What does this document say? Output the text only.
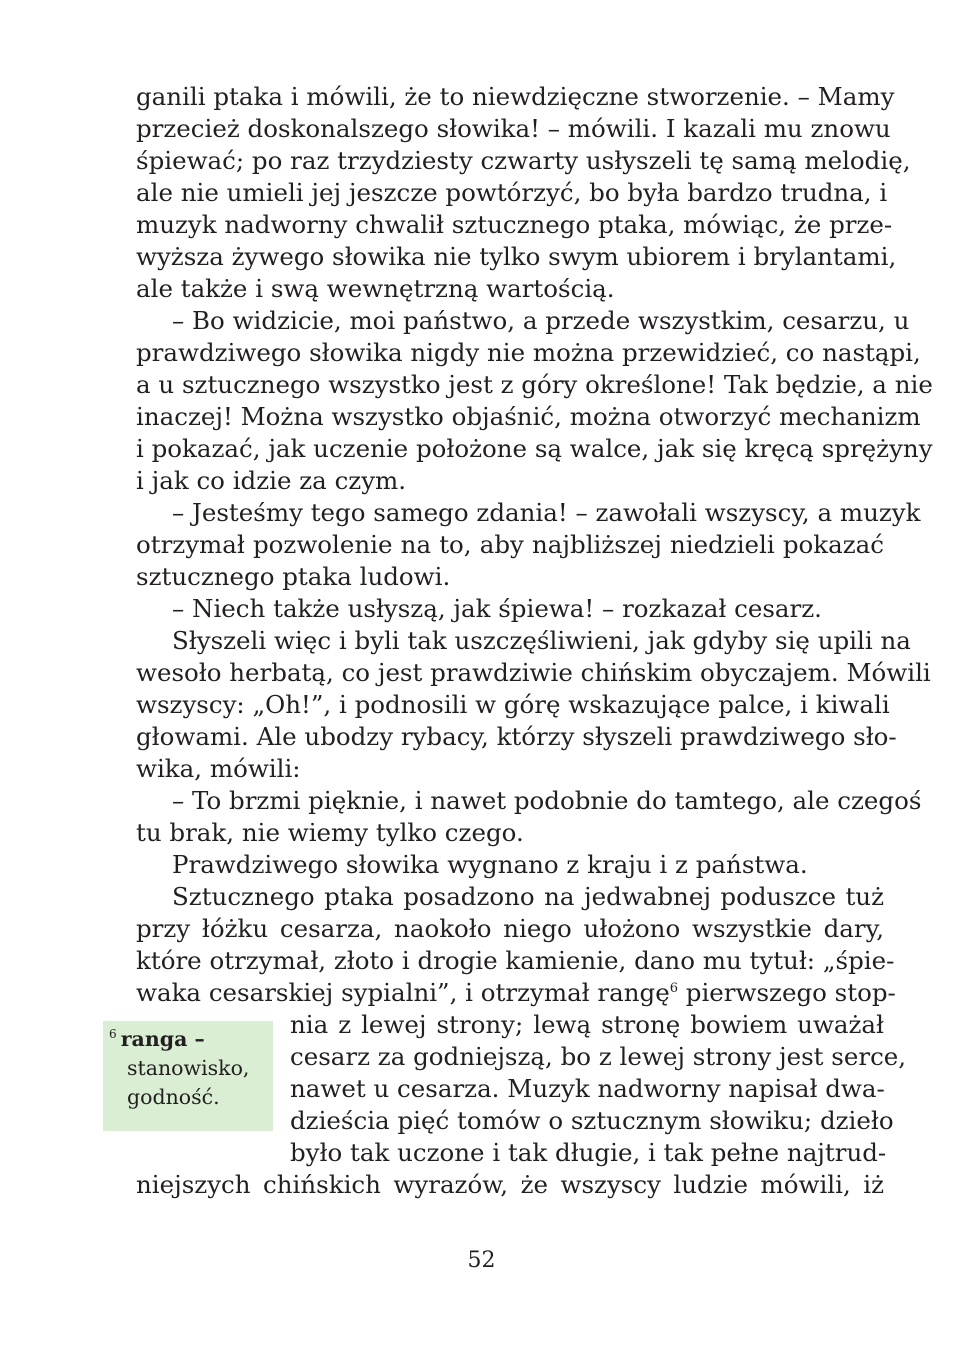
ganili ptaka i mówili, że to niewdzięczne stworzenie. – Mamy
przecież doskonalszego słowika! – mówili. I kazali mu znowu
śpiewać; po raz trzydziesty czwarty usłyszeli tę samą melodię,
ale nie umieli jej jeszcze powtórzyć, bo była bardzo trudna, i
muzyk nadworny chwalił sztucznego ptaka, mówiąc, że prze-
wyższa żywego słowika nie tylko swym ubiorem i brylantami,
ale także i swą wewnętrzną wartością.
– Bo widzicie, moi państwo, a przede wszystkim, cesarzu, u
prawdziwego słowika nigdy nie można przewidzieć, co nastąpi,
a u sztucznego wszystko jest z góry określone! Tak będzie, a nie
inaczej! Można wszystko objaśnić, można otworzyć mechanizm
i pokazać, jak uczenie położone są walce, jak się kręcą sprężyny
i jak co idzie za czym.
– Jesteśmy tego samego zdania! – zawołali wszyscy, a muzyk
otrzymał pozwolenie na to, aby najbliższej niedzieli pokazać
sztucznego ptaka ludowi.
– Niech także usłyszą, jak śpiewa! – rozkazał cesarz.
Słyszeli więc i byli tak uszczęśliwieni, jak gdyby się upili na
wesoło herbatą, co jest prawdziwie chińskim obyczajem. Mówili
wszyscy: „Oh!”, i podnosili w górę wskazujące palce, i kiwali
głowami. Ale ubodzy rybacy, którzy słyszeli prawdziwego sło-
wika, mówili:
– To brzmi pięknie, i nawet podobnie do tamtego, ale czegoś
tu brak, nie wiemy tylko czego.
Prawdziwego słowika wygnano z kraju i z państwa.
Sztucznego ptaka posadzono na jedwabnej poduszce tuż
przy łóżku cesarza, naokoło niego ułożono wszystkie dary,
które otrzymał, złoto i drogie kamienie, dano mu tytuł: „śpie-
waka cesarskiej sypialni”, i otrzymał rangę$^6$ pierwszego stop-
nia z lewej strony; lewą stronę bowiem uważał
cesarz za godniejszą, bo z lewej strony jest serce,
nawet u cesarza. Muzyk nadworny napisał dwa-
dzieścia pięć tomów o sztucznym słowiku; dzieło
było tak uczone i tak długie, i tak pełne najtrud-
niejszych chińskich wyrazów, że wszyscy ludzie mówili, iż
$^6$  ranga –
stanowisko,
godność.
52
